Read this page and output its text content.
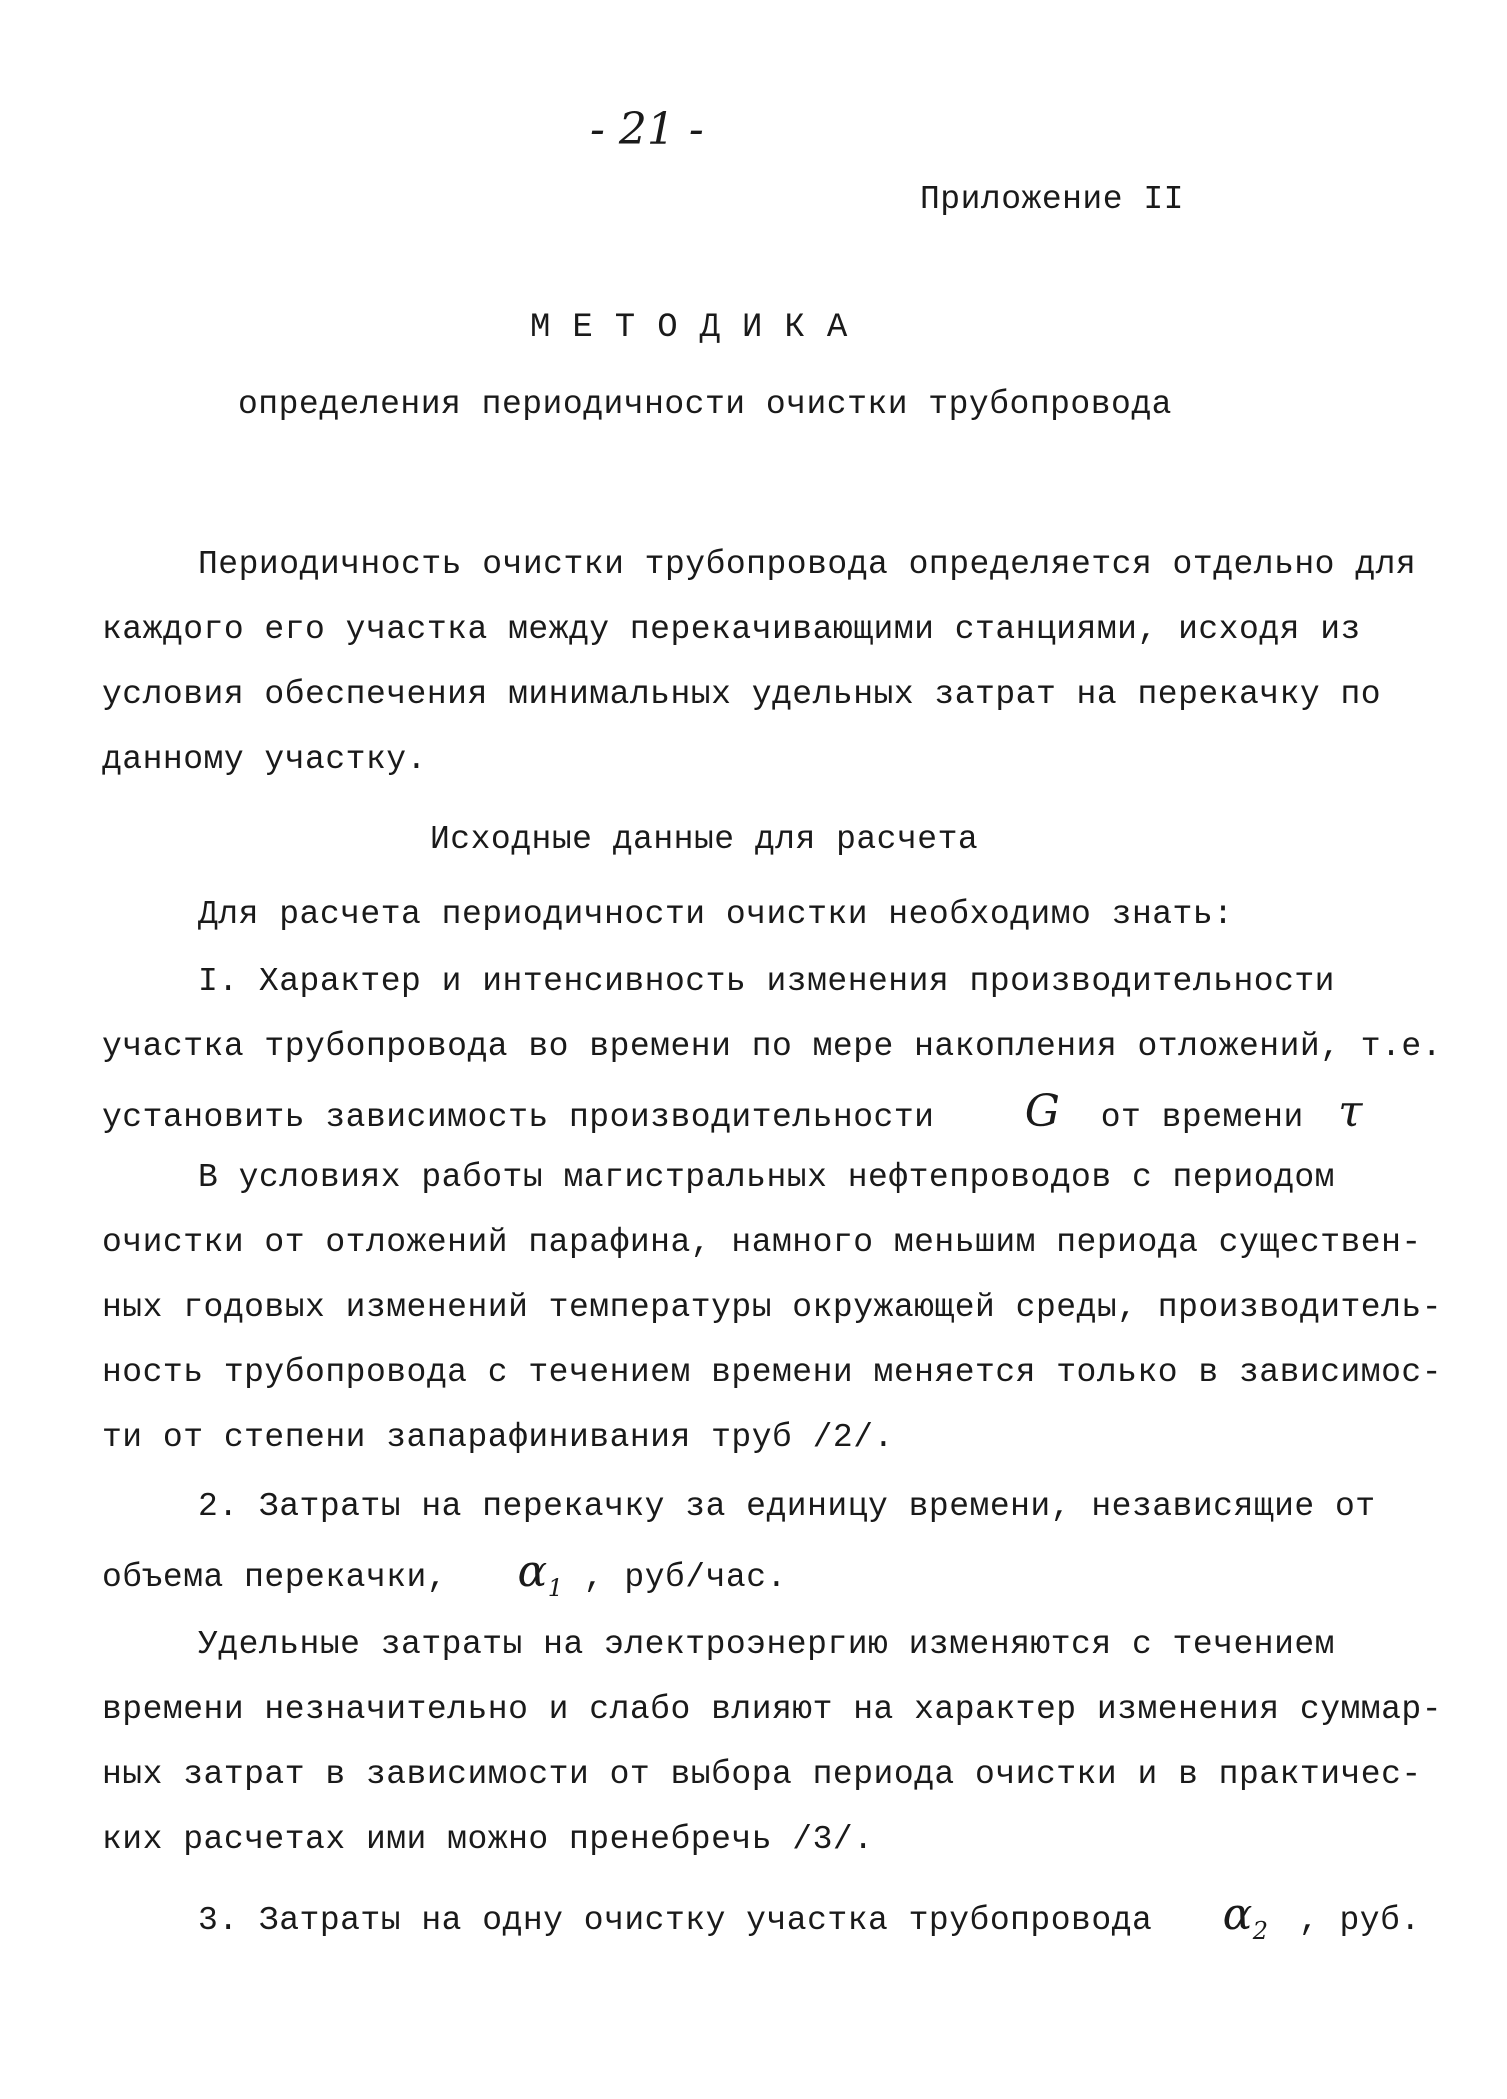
- 21 -
Приложение II
МЕТОДИКА
определения периодичности очистки трубопровода
Периодичность очистки трубопровода определяется отдельно для
каждого его участка между перекачивающими станциями, исходя из
условия обеспечения минимальных удельных затрат на перекачку по
данному участку.
Исходные данные для расчета
Для расчета периодичности очистки необходимо знать:
I. Характер и интенсивность изменения производительности
участка трубопровода во времени по мере накопления отложений, т.е.
установить зависимость производительности G от времени τ
В условиях работы магистральных нефтепроводов с периодом
очистки от отложений парафина, намного меньшим периода существен-
ных годовых изменений температуры окружающей среды, производитель-
ность трубопровода с течением времени меняется только в зависимос-
ти от степени запарафинивания труб /2/.
2. Затраты на перекачку за единицу времени, независящие от
объема перекачки, $\alpha_1$ , руб/час.
Удельные затраты на электроэнергию изменяются с течением
времени незначительно и слабо влияют на характер изменения суммар-
ных затрат в зависимости от выбора периода очистки и в практичес-
ких расчетах ими можно пренебречь /3/.
3. Затраты на одну очистку участка трубопровода $\alpha_2$ , руб.
